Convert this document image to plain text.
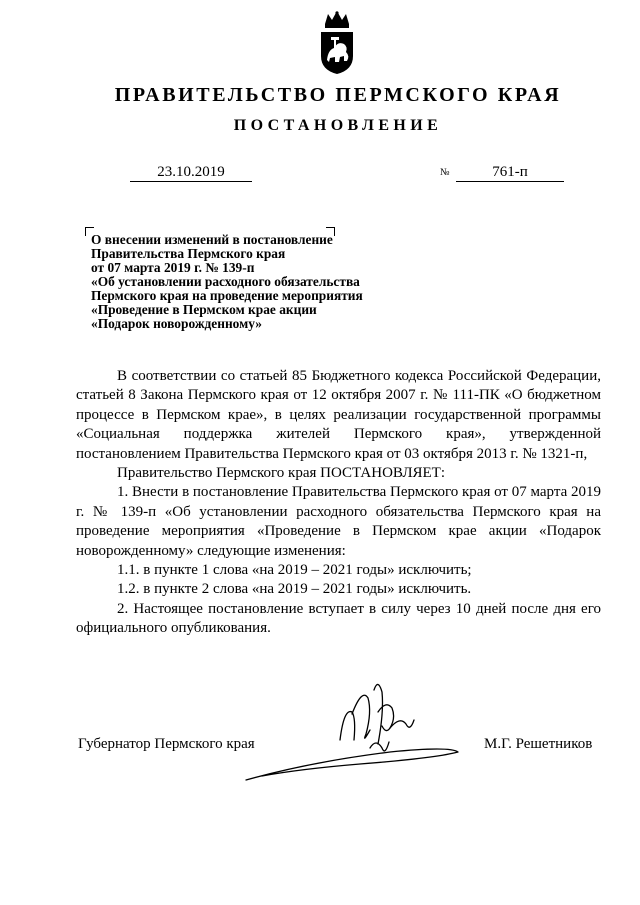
ПРАВИТЕЛЬСТВО ПЕРМСКОГО КРАЯ
ПОСТАНОВЛЕНИЕ
23.10.2019	№	761-п
О внесении изменений в постановление
Правительства Пермского края
от 07 марта 2019 г. № 139-п
«Об установлении расходного обязательства
Пермского края на проведение мероприятия
«Проведение в Пермском крае акции
«Подарок новорожденному»

В соответствии со статьей 85 Бюджетного кодекса Российской Федерации, статьей 8 Закона Пермского края от 12 октября 2007 г. № 111-ПК «О бюджетном процессе в Пермском крае», в целях реализации государственной программы «Социальная поддержка жителей Пермского края», утвержденной постановлением Правительства Пермского края от 03 октября 2013 г. № 1321-п,

Правительство Пермского края ПОСТАНОВЛЯЕТ:

1. Внести в постановление Правительства Пермского края от 07 марта 2019 г. № 139-п «Об установлении расходного обязательства Пермского края на проведение мероприятия «Проведение в Пермском крае акции «Подарок новорожденному» следующие изменения:

1.1. в пункте 1 слова «на 2019 – 2021 годы» исключить;

1.2. в пункте 2 слова «на 2019 – 2021 годы» исключить.

2. Настоящее постановление вступает в силу через 10 дней после дня его официального опубликования.

Губернатор Пермского края	М.Г. Решетников
